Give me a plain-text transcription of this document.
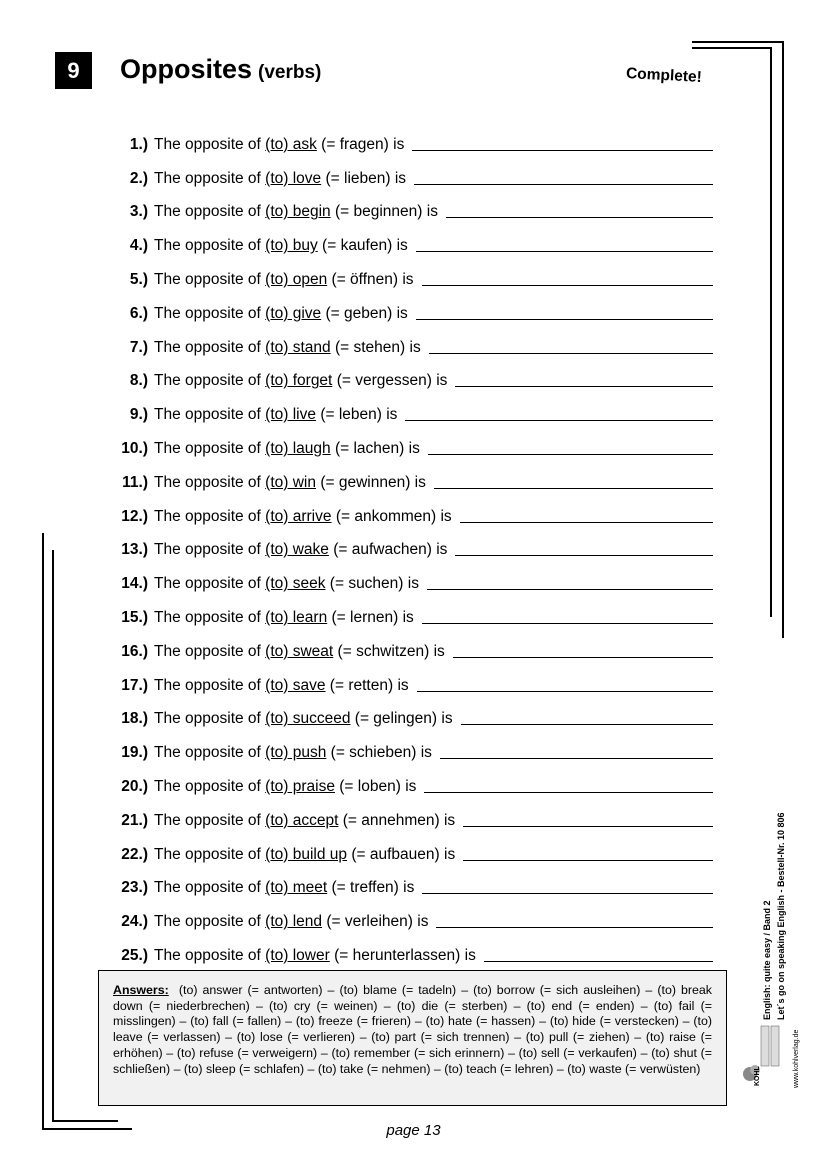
9	Opposites (verbs)	Complete!
1.) The opposite of (to) ask (= fragen) is
2.) The opposite of (to) love (= lieben) is
3.) The opposite of (to) begin (= beginnen) is
4.) The opposite of (to) buy (= kaufen) is
5.) The opposite of (to) open (= öffnen) is
6.) The opposite of (to) give (= geben) is
7.) The opposite of (to) stand (= stehen) is
8.) The opposite of (to) forget (= vergessen) is
9.) The opposite of (to) live (= leben) is
10.) The opposite of (to) laugh (= lachen) is
11.) The opposite of (to) win (= gewinnen) is
12.) The opposite of (to) arrive (= ankommen) is
13.) The opposite of (to) wake (= aufwachen) is
14.) The opposite of (to) seek (= suchen) is
15.) The opposite of (to) learn (= lernen) is
16.) The opposite of (to) sweat (= schwitzen) is
17.) The opposite of (to) save (= retten) is
18.) The opposite of (to) succeed (= gelingen) is
19.) The opposite of (to) push (= schieben) is
20.) The opposite of (to) praise (= loben) is
21.) The opposite of (to) accept (= annehmen) is
22.) The opposite of (to) build up (= aufbauen) is
23.) The opposite of (to) meet (= treffen) is
24.) The opposite of (to) lend (= verleihen) is
25.) The opposite of (to) lower (= herunterlassen) is
Answers: (to) answer (= antworten) – (to) blame (= tadeln) – (to) borrow (= sich ausleihen) – (to) break down (= niederbrechen) – (to) cry (= weinen) – (to) die (= sterben) – (to) end (= enden) – (to) fail (= misslingen) – (to) fall (= fallen) – (to) freeze (= frieren) – (to) hate (= hassen) – (to) hide (= verstecken) – (to) leave (= verlassen) – (to) lose (= verlieren) – (to) part (= sich trennen) – (to) pull (= ziehen) – (to) raise (= erhöhen) – (to) refuse (= verweigern) – (to) remember (= sich erinnern) – (to) sell (= verkaufen) – (to) shut (= schließen) – (to) sleep (= schlafen) – (to) take (= nehmen) – (to) teach (= lehren) – (to) waste (= verwüsten)
English: quite easy / Band 2 Let´s go on speaking English - Bestell-Nr. 10 806
KOHL	www.kohlverlag.de
page 13
